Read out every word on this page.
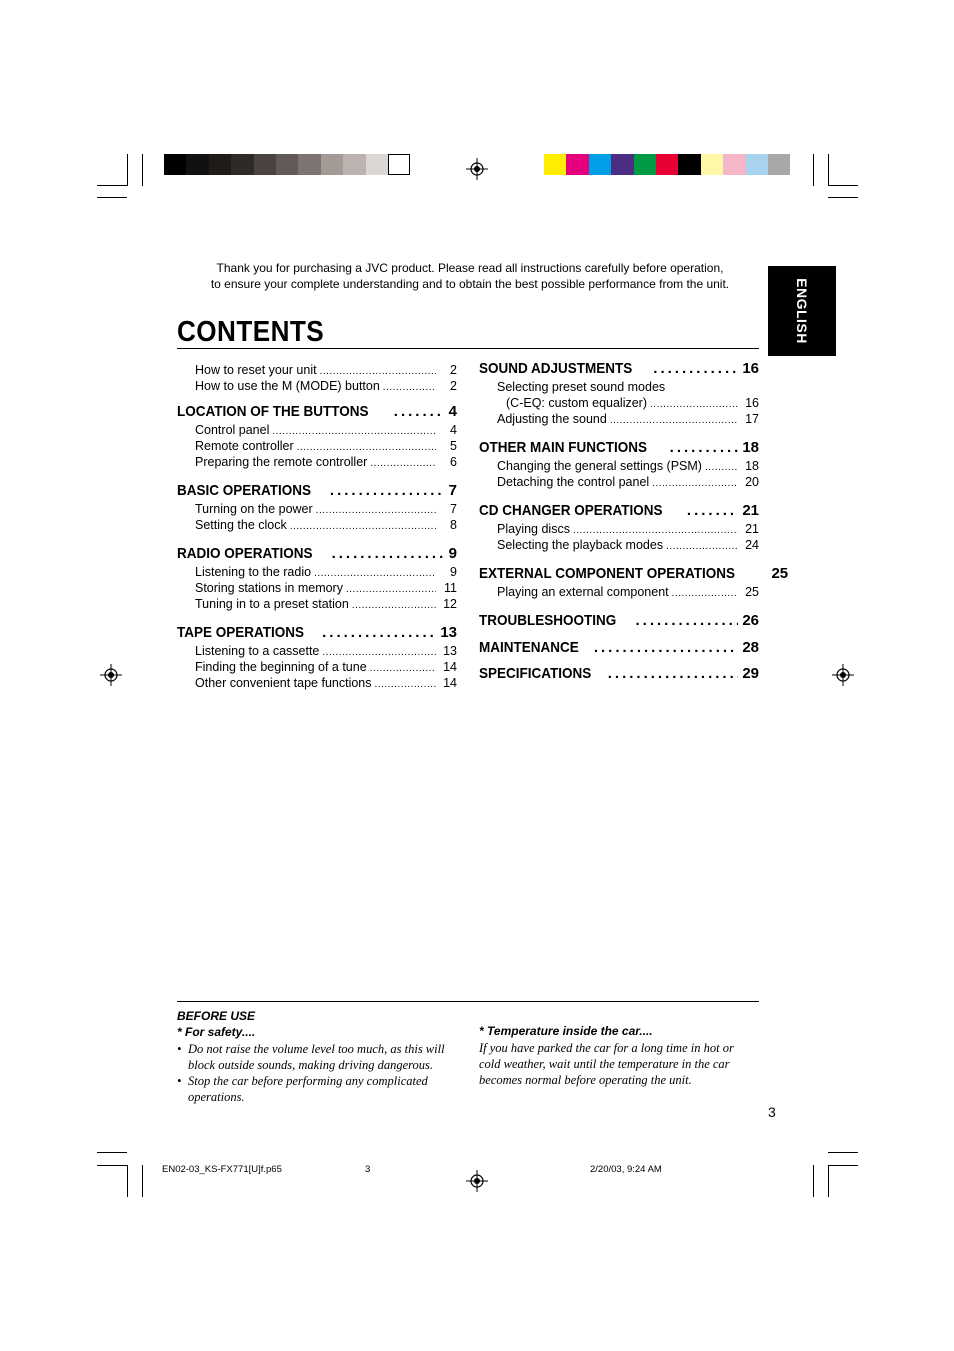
Thank you for purchasing a JVC product. Please read all instructions carefully before operation,
to ensure your complete understanding and to obtain the best possible performance from the unit.	ENGLISH
CONTENTS
How to reset your unit .....	2
How to use the M (MODE) button .....	2
LOCATION OF THE BUTTONS .....	4
Control panel .....	4
Remote controller .....	5
Preparing the remote controller .....	6
BASIC OPERATIONS .....	7
Turning on the power .....	7
Setting the clock .....	8
RADIO OPERATIONS .....	9
Listening to the radio .....	9
Storing stations in memory .....	11
Tuning in to a preset station .....	12
TAPE OPERATIONS .....	13
Listening to a cassette .....	13
Finding the beginning of a tune .....	14
Other convenient tape functions .....	14
SOUND ADJUSTMENTS .....	16
Selecting preset sound modes
(C-EQ: custom equalizer) .....	16
Adjusting the sound .....	17
OTHER MAIN FUNCTIONS .....	18
Changing the general settings (PSM) .....	18
Detaching the control panel .....	20
CD CHANGER OPERATIONS .....	21
Playing discs .....	21
Selecting the playback modes .....	24
EXTERNAL COMPONENT OPERATIONS 25
Playing an external component .....	25
TROUBLESHOOTING .....	26
MAINTENANCE .....	28
SPECIFICATIONS .....	29
BEFORE USE
* For safety....
• Do not raise the volume level too much, as this will
block outside sounds, making driving dangerous.
• Stop the car before performing any complicated
operations.
* Temperature inside the car....
If you have parked the car for a long time in hot or
cold weather, wait until the temperature in the car
becomes normal before operating the unit.
3
EN02-03_KS-FX771[U]f.p65	3	2/20/03, 9:24 AM
